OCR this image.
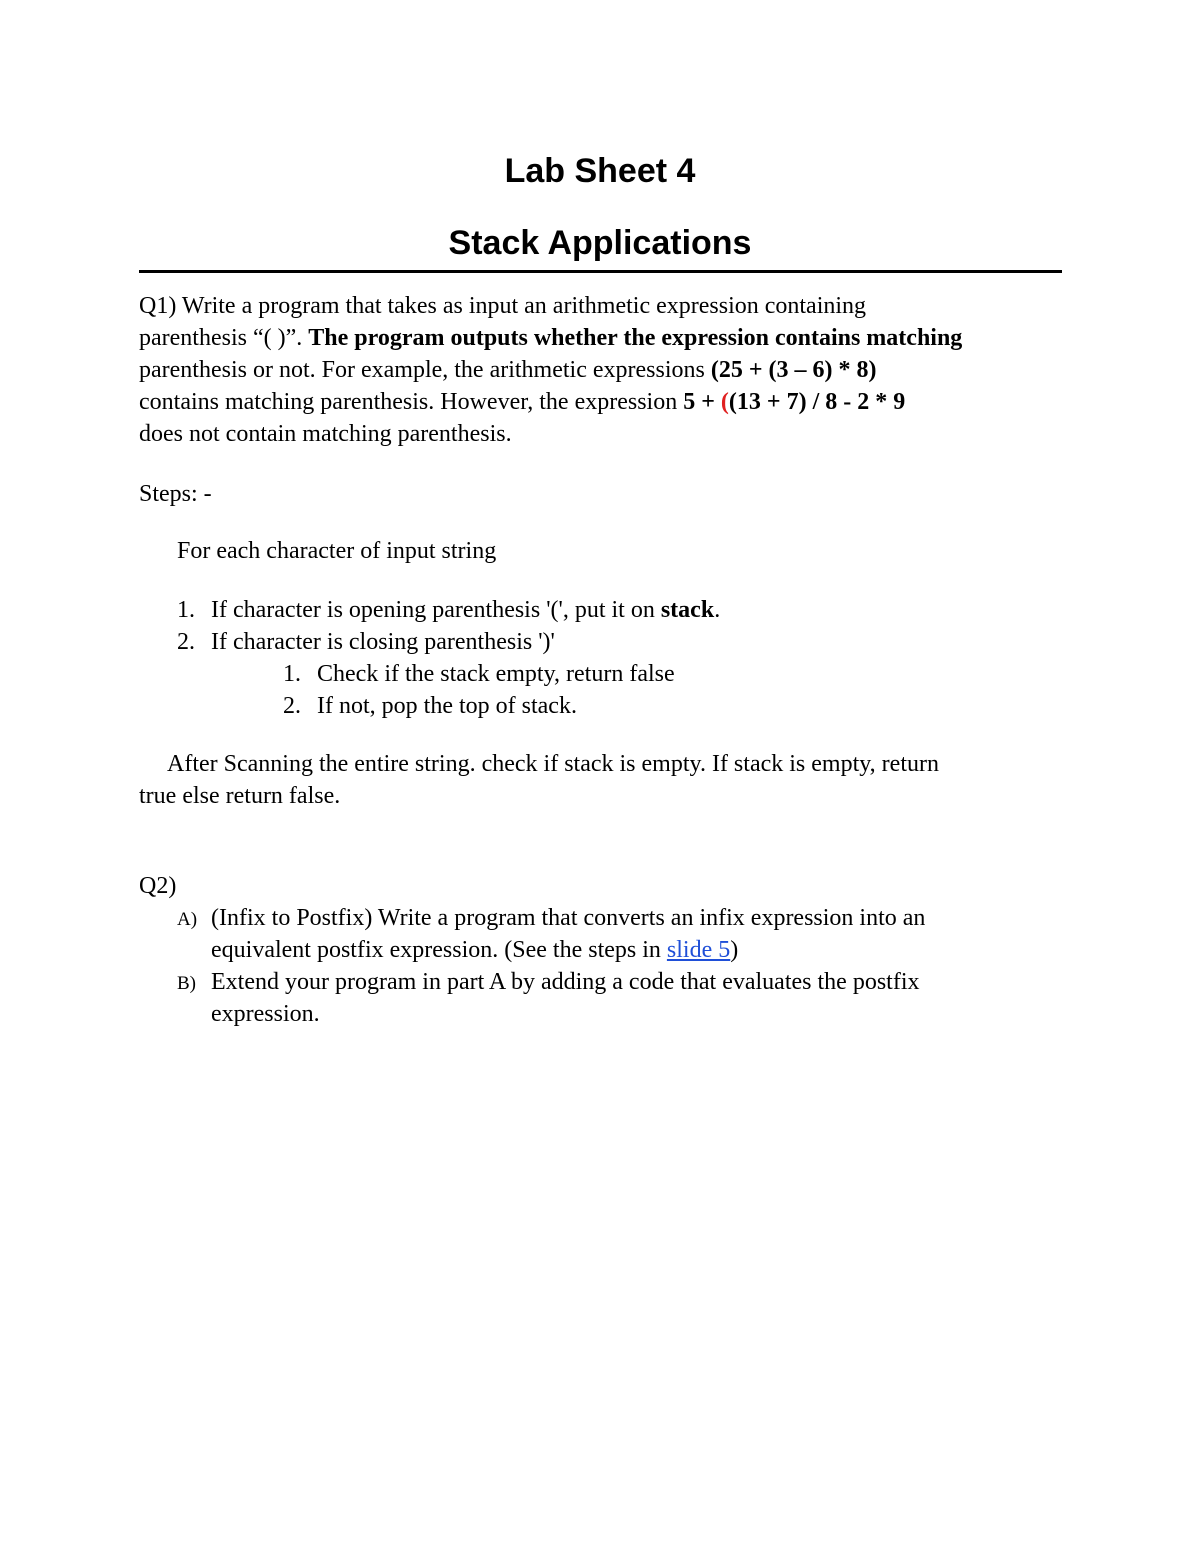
Lab Sheet 4
Stack Applications
Q1) Write a program that takes as input an arithmetic expression containing
parenthesis “( )”. The program outputs whether the expression contains matching
parenthesis or not. For example, the arithmetic expressions (25 + (3 – 6) * 8)
contains matching parenthesis. However, the expression 5 + ((13 + 7) / 8 - 2 * 9
does not contain matching parenthesis.
Steps: -
For each character of input string
1. If character is opening parenthesis '(', put it on stack.
2. If character is closing parenthesis ')'
1. Check if the stack empty, return false
2. If not, pop the top of stack.
After Scanning the entire string. check if stack is empty. If stack is empty, return
true else return false.
Q2)
A) (Infix to Postfix) Write a program that converts an infix expression into an
equivalent postfix expression. (See the steps in slide 5)
B) Extend your program in part A by adding a code that evaluates the postfix
expression.
